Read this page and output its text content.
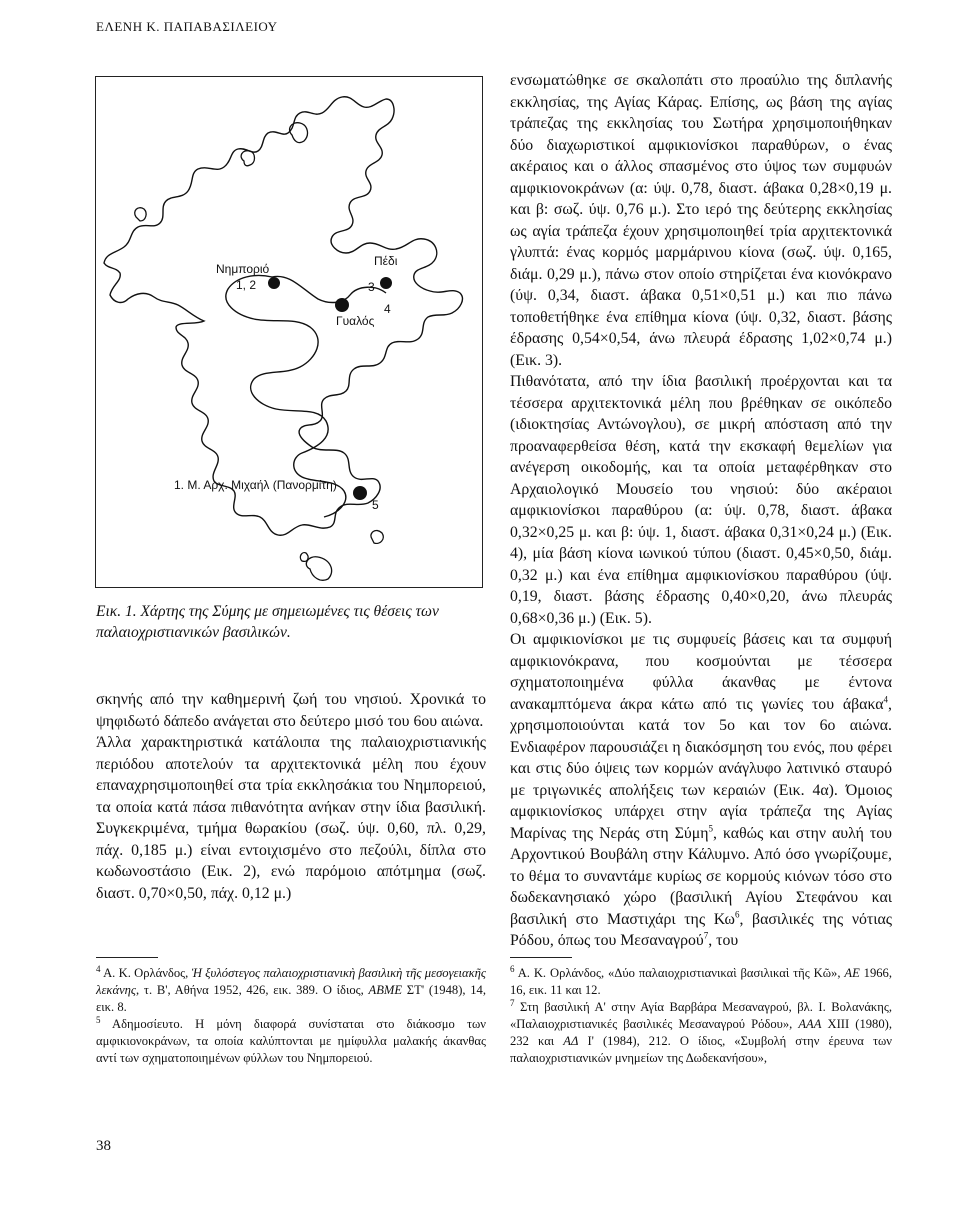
ΕΛΕΝΗ Κ. ΠΑΠΑΒΑΣΙΛΕΙΟΥ
Νημποριό
1, 2
Πέδι
3
Γυαλός
4
1. Μ. Αρχ. Μιχαήλ (Πανορμίτη)
5
Εικ. 1. Χάρτης της Σύμης με σημειωμένες τις θέσεις των παλαιοχριστιανικών βασιλικών.

σκηνής από την καθημερινή ζωή του νησιού. Χρονικά το ψηφιδωτό δάπεδο ανάγεται στο δεύτερο μισό του 6ου αιώνα.

Άλλα χαρακτηριστικά κατάλοιπα της παλαιοχριστιανικής περιόδου αποτελούν τα αρχιτεκτονικά μέλη που έχουν επαναχρησιμοποιηθεί στα τρία εκκλησάκια του Νημπορειού, τα οποία κατά πάσα πιθανότητα ανήκαν στην ίδια βασιλική. Συγκεκριμένα, τμήμα θωρακίου (σωζ. ύψ. 0,60, πλ. 0,29, πάχ. 0,185 μ.) είναι εντοιχισμένο στο πεζούλι, δίπλα στο κωδωνοστάσιο (Εικ. 2), ενώ παρόμοιο απότμημα (σωζ. διαστ. 0,70×0,50, πάχ. 0,12 μ.)

ενσωματώθηκε σε σκαλοπάτι στο προαύλιο της διπλανής εκκλησίας, της Αγίας Κάρας. Επίσης, ως βάση της αγίας τράπεζας της εκκλησίας του Σωτήρα χρησιμοποιήθηκαν δύο διαχωριστικοί αμφικιονίσκοι παραθύρων, ο ένας ακέραιος και ο άλλος σπασμένος στο ύψος των συμφυών αμφικιονοκράνων (α: ύψ. 0,78, διαστ. άβακα 0,28×0,19 μ. και β: σωζ. ύψ. 0,76 μ.). Στο ιερό της δεύτερης εκκλησίας ως αγία τράπεζα έχουν χρησιμοποιηθεί τρία αρχιτεκτονικά γλυπτά: ένας κορμός μαρμάρινου κίονα (σωζ. ύψ. 0,165, διάμ. 0,29 μ.), πάνω στον οποίο στηρίζεται ένα κιονόκρανο (ύψ. 0,34, διαστ. άβακα 0,51×0,51 μ.) και πιο πάνω τοποθετήθηκε ένα επίθημα κίονα (ύψ. 0,32, διαστ. βάσης έδρασης 0,54×0,54, άνω πλευρά έδρασης 1,02×0,74 μ.) (Εικ. 3).

Πιθανότατα, από την ίδια βασιλική προέρχονται και τα τέσσερα αρχιτεκτονικά μέλη που βρέθηκαν σε οικόπεδο (ιδιοκτησίας Αντώνογλου), σε μικρή απόσταση από την προαναφερθείσα θέση, κατά την εκσκαφή θεμελίων για ανέγερση οικοδομής, και τα οποία μεταφέρθηκαν στο Αρχαιολογικό Μουσείο του νησιού: δύο ακέραιοι αμφικιονίσκοι παραθύρου (α: ύψ. 0,78, διαστ. άβακα 0,32×0,25 μ. και β: ύψ. 1, διαστ. άβακα 0,31×0,24 μ.) (Εικ. 4), μία βάση κίονα ιωνικού τύπου (διαστ. 0,45×0,50, διάμ. 0,32 μ.) και ένα επίθημα αμφικιονίσκου παραθύρου (ύψ. 0,19, διαστ. βάσης έδρασης 0,40×0,20, άνω πλευράς 0,68×0,36 μ.) (Εικ. 5).

Οι αμφικιονίσκοι με τις συμφυείς βάσεις και τα συμφυή αμφικιονόκρανα, που κοσμούνται με τέσσερα σχηματοποιημένα φύλλα άκανθας με έντονα ανακαμπτόμενα άκρα κάτω από τις γωνίες του άβακα$^4$, χρησιμοποιούνται κατά τον 5ο και τον 6ο αιώνα. Ενδιαφέρον παρουσιάζει η διακόσμηση του ενός, που φέρει και στις δύο όψεις των κορμών ανάγλυφο λατινικό σταυρό με τριγωνικές απολήξεις των κεραιών (Εικ. 4α). Όμοιος αμφικιονίσκος υπάρχει στην αγία τράπεζα της Αγίας Μαρίνας της Νεράς στη Σύμη$^5$, καθώς και στην αυλή του Αρχοντικού Βουβάλη στην Κάλυμνο. Από όσο γνωρίζουμε, το θέμα το συναντάμε κυρίως σε κορμούς κιόνων τόσο στο δωδεκανησιακό χώρο (βασιλική Αγίου Στεφάνου και βασιλική στο Μαστιχάρι της $K\omega^6$, βασιλικές της νότιας Ρόδου, όπως του Μεσαναγρού$^7$, του

$^4$ Α. Κ. Ορλάνδος, Ἡ ξυλόστεγος παλαιοχριστιανικὴ βασιλικὴ τῆς μεσογειακῆς λεκάνης, τ. Β', Αθήνα 1952, 426, εικ. 389. Ο ίδιος, ΑΒΜΕ ΣΤ' (1948), 14, εικ. 8.

$^5$ Αδημοσίευτο. Η μόνη διαφορά συνίσταται στο διάκοσμο των αμφικιονοκράνων, τα οποία καλύπτονται με ημίφυλλα μαλακής άκανθας αντί των σχηματοποιημένων φύλλων του Νημπορειού.

$^6$ Α. Κ. Ορλάνδος, «Δύο παλαιοχριστιανικαὶ βασιλικαὶ τῆς Κῶ», ΑΕ 1966, 16, εικ. 11 και 12.

$^7$ Στη βασιλική Α' στην Αγία Βαρβάρα Μεσαναγρού, βλ. Ι. Βολανάκης, «Παλαιοχριστιανικές βασιλικές Μεσαναγρού Ρόδου», ΑΑΑ XIII (1980), 232 και ΑΔ Ι' (1984), 212. Ο ίδιος, «Συμβολή στην έρευνα των παλαιοχριστιανικών μνημείων της Δωδεκανήσου»,

38
